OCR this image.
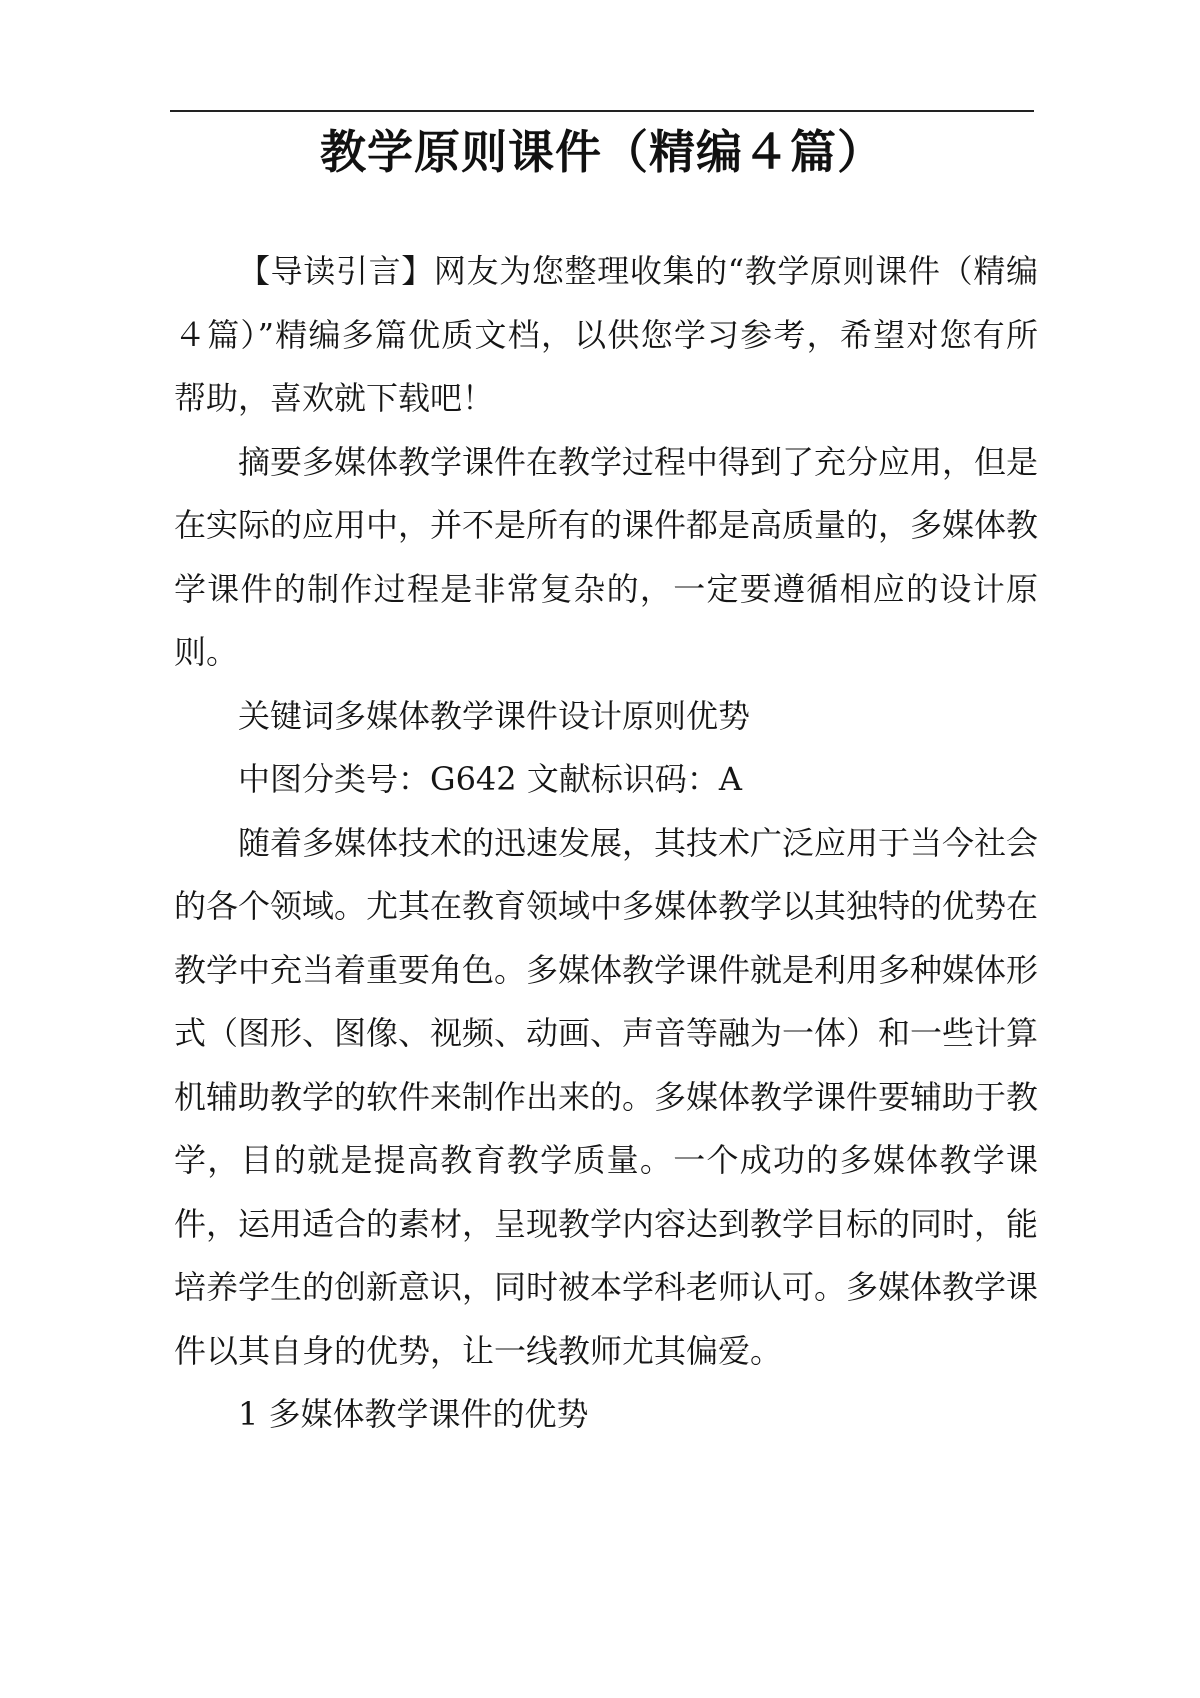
教学原则课件（精编４篇）

【导读引言】网友为您整理收集的“教学原则课件（精编４篇）”精编多篇优质文档，以供您学习参考，希望对您有所帮助，喜欢就下载吧！

摘要多媒体教学课件在教学过程中得到了充分应用，但是在实际的应用中，并不是所有的课件都是高质量的，多媒体教学课件的制作过程是非常复杂的，一定要遵循相应的设计原则。

关键词多媒体教学课件设计原则优势

中图分类号：G642 文献标识码：A

随着多媒体技术的迅速发展，其技术广泛应用于当今社会的各个领域。尤其在教育领域中多媒体教学以其独特的优势在教学中充当着重要角色。多媒体教学课件就是利用多种媒体形式（图形、图像、视频、动画、声音等融为一体）和一些计算机辅助教学的软件来制作出来的。多媒体教学课件要辅助于教学，目的就是提高教育教学质量。一个成功的多媒体教学课件，运用适合的素材，呈现教学内容达到教学目标的同时，能培养学生的创新意识，同时被本学科老师认可。多媒体教学课件以其自身的优势，让一线教师尤其偏爱。

1 多媒体教学课件的优势
